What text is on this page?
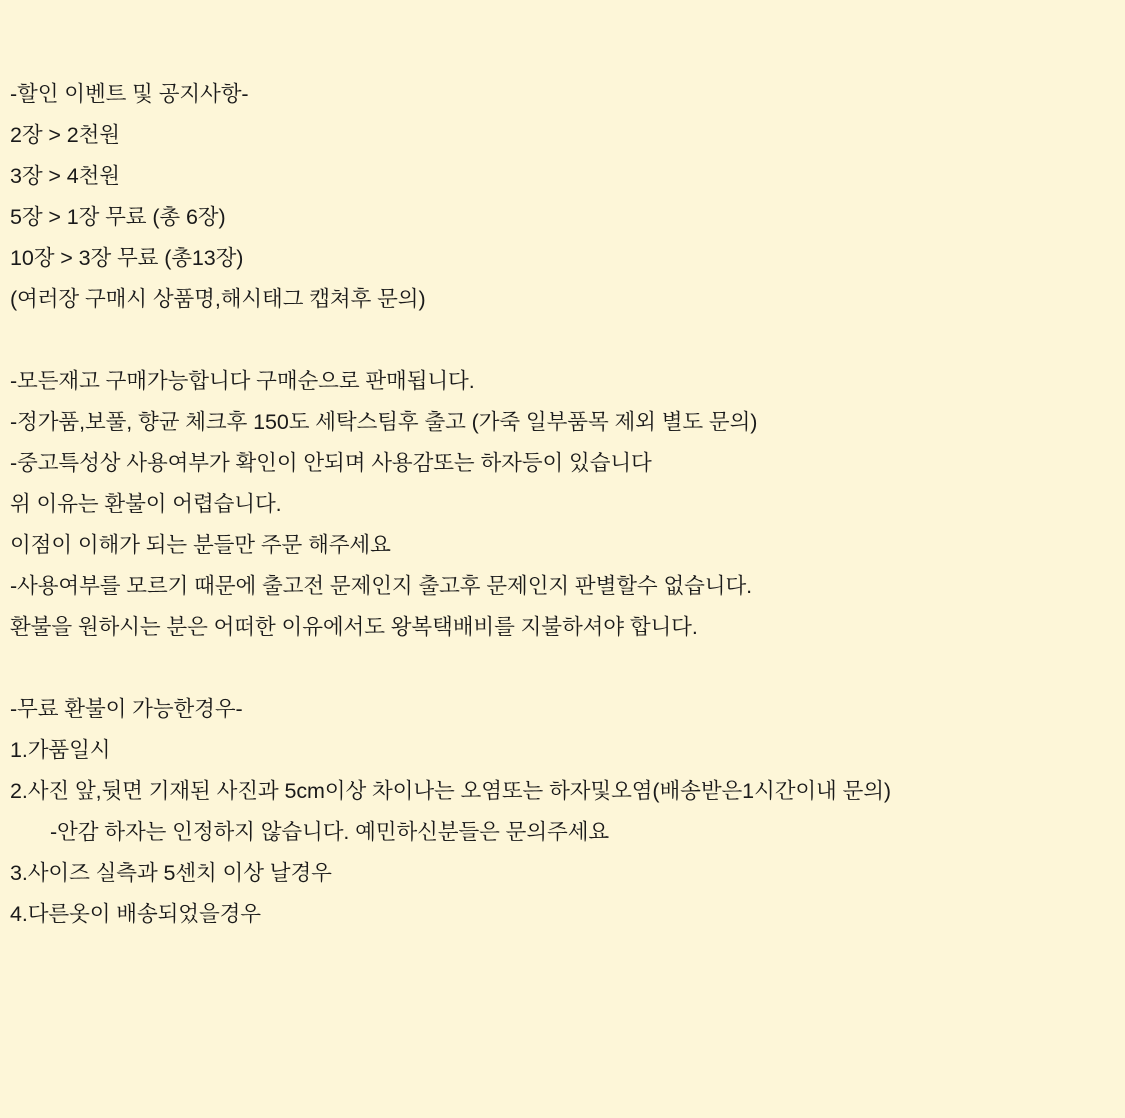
-할인 이벤트 및 공지사항-
2장 > 2천원
3장 > 4천원
5장 > 1장 무료 (총 6장)
10장 > 3장 무료 (총13장)
(여러장 구매시 상품명,해시태그 캡쳐후 문의)
-모든재고 구매가능합니다 구매순으로 판매됩니다.
-정가품,보풀, 향균 체크후 150도 세탁스팀후 출고 (가죽 일부품목 제외 별도 문의)
-중고특성상 사용여부가 확인이 안되며 사용감또는 하자등이 있습니다
위 이유는 환불이 어렵습니다.
이점이 이해가 되는 분들만 주문 해주세요
-사용여부를 모르기 때문에 출고전 문제인지 출고후 문제인지 판별할수 없습니다.
환불을 원하시는 분은 어떠한 이유에서도 왕복택배비를 지불하셔야 합니다.
-무료 환불이 가능한경우-
1.가품일시
2.사진 앞,뒷면 기재된 사진과 5cm이상 차이나는 오염또는 하자및오염(배송받은1시간이내 문의)
-안감 하자는 인정하지 않습니다. 예민하신분들은 문의주세요
3.사이즈 실측과 5센치 이상 날경우
4.다른옷이 배송되었을경우
